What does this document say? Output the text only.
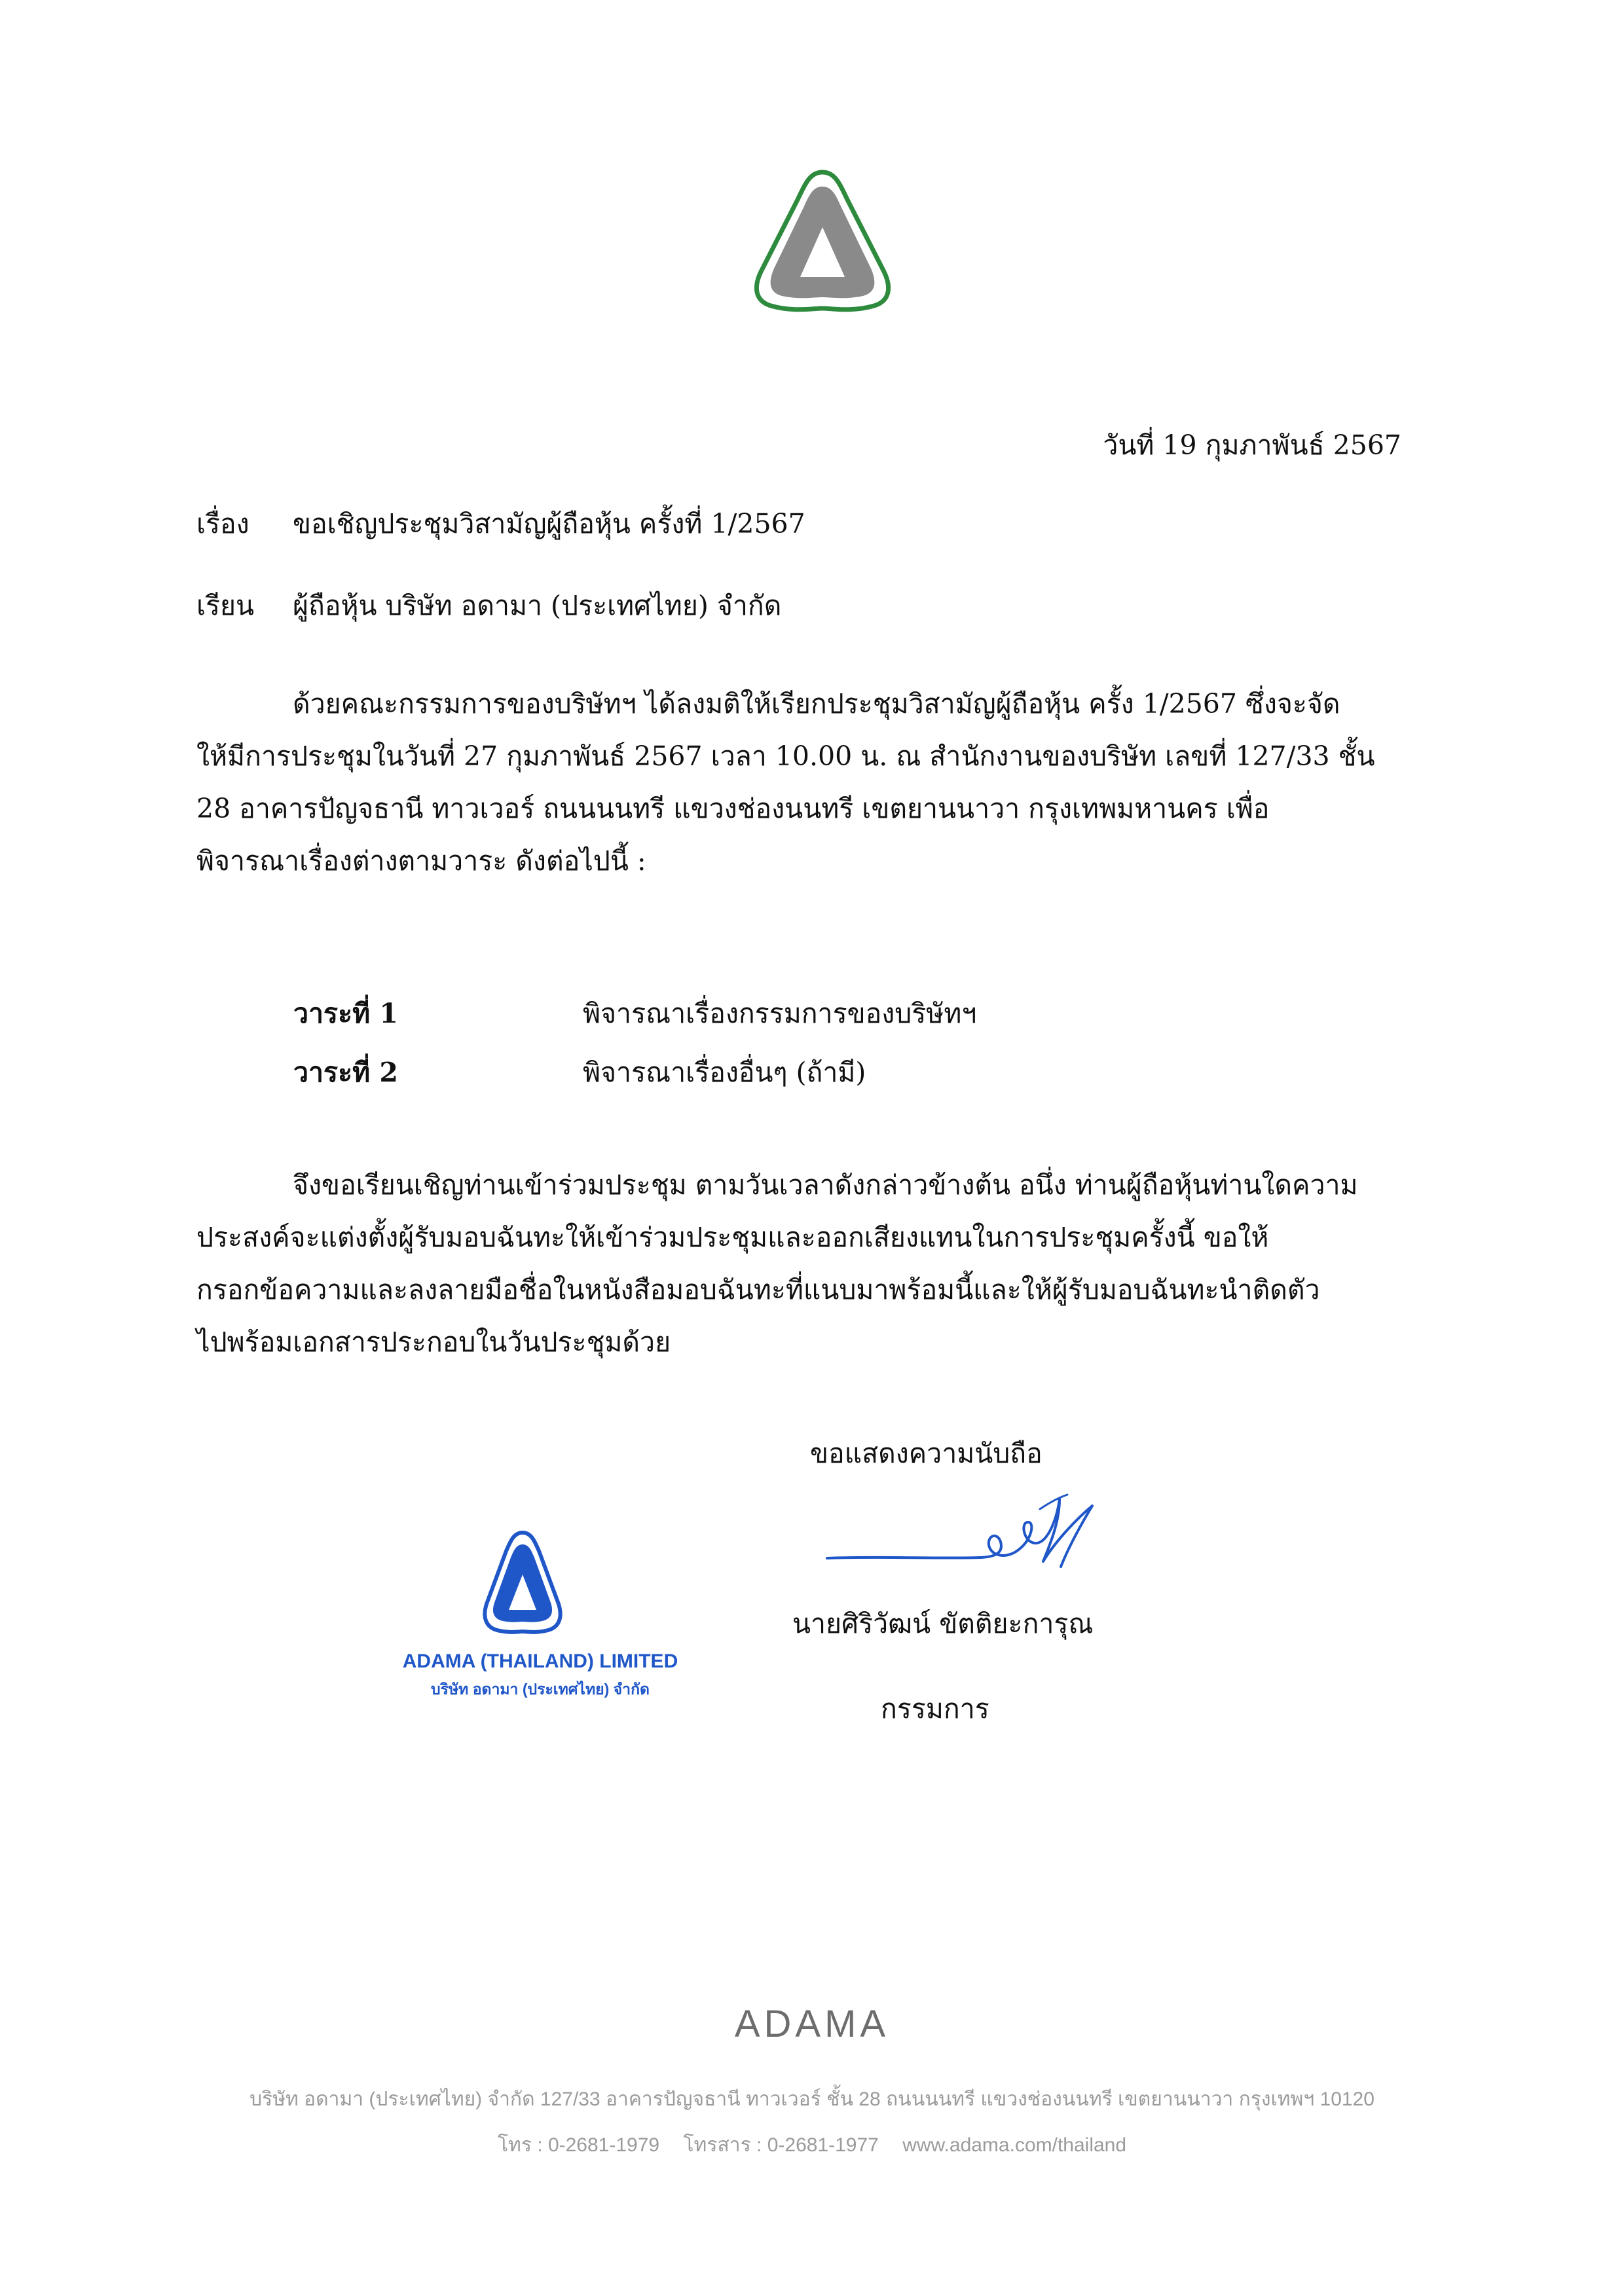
วันที่ 19 กุมภาพันธ์ 2567
เรื่อง ขอเชิญประชุมวิสามัญผู้ถือหุ้น ครั้งที่ 1/2567
เรียน ผู้ถือหุ้น บริษัท อดามา (ประเทศไทย) จำกัด
ด้วยคณะกรรมการของบริษัทฯ ได้ลงมติให้เรียกประชุมวิสามัญผู้ถือหุ้น ครั้ง 1/2567 ซึ่งจะจัด
ให้มีการประชุมในวันที่ 27 กุมภาพันธ์ 2567 เวลา 10.00 น. ณ สำนักงานของบริษัท เลขที่ 127/33 ชั้น
28 อาคารปัญจธานี ทาวเวอร์ ถนนนนทรี แขวงช่องนนทรี เขตยานนาวา กรุงเทพมหานคร เพื่อ
พิจารณาเรื่องต่างตามวาระ ดังต่อไปนี้ :
วาระที่ 1	พิจารณาเรื่องกรรมการของบริษัทฯ
วาระที่ 2	พิจารณาเรื่องอื่นๆ (ถ้ามี)
จึงขอเรียนเชิญท่านเข้าร่วมประชุม ตามวันเวลาดังกล่าวข้างต้น อนึ่ง ท่านผู้ถือหุ้นท่านใดความ
ประสงค์จะแต่งตั้งผู้รับมอบฉันทะให้เข้าร่วมประชุมและออกเสียงแทนในการประชุมครั้งนี้ ขอให้
กรอกข้อความและลงลายมือชื่อในหนังสือมอบฉันทะที่แนบมาพร้อมนี้และให้ผู้รับมอบฉันทะนำติดตัว
ไปพร้อมเอกสารประกอบในวันประชุมด้วย
ขอแสดงความนับถือ
นายศิริวัฒน์ ขัตติยะการุณ
กรรมการ
ADAMA (THAILAND) LIMITED
บริษัท อดามา (ประเทศไทย) จำกัด
ADAMA
บริษัท อดามา (ประเทศไทย) จำกัด 127/33 อาคารปัญจธานี ทาวเวอร์ ชั้น 28 ถนนนนทรี แขวงช่องนนทรี เขตยานนาวา กรุงเทพฯ 10120
โทร : 0-2681-1979 โทรสาร : 0-2681-1977 www.adama.com/thailand
